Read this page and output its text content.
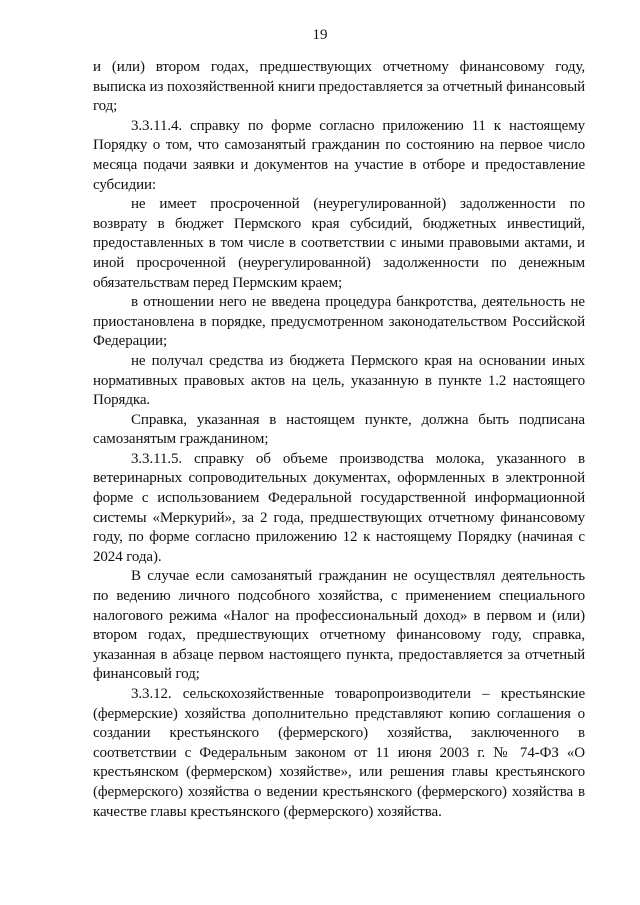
19

и (или) втором годах, предшествующих отчетному финансовому году, выписка из похозяйственной книги предоставляется за отчетный финансовый год;

3.3.11.4. справку по форме согласно приложению 11 к настоящему Порядку о том, что самозанятый гражданин по состоянию на первое число месяца подачи заявки и документов на участие в отборе и предоставление субсидии:

не имеет просроченной (неурегулированной) задолженности по возврату в бюджет Пермского края субсидий, бюджетных инвестиций, предоставленных в том числе в соответствии с иными правовыми актами, и иной просроченной (неурегулированной) задолженности по денежным обязательствам перед Пермским краем;

в отношении него не введена процедура банкротства, деятельность не приостановлена в порядке, предусмотренном законодательством Российской Федерации;

не получал средства из бюджета Пермского края на основании иных нормативных правовых актов на цель, указанную в пункте 1.2 настоящего Порядка.

Справка, указанная в настоящем пункте, должна быть подписана самозанятым гражданином;

3.3.11.5. справку об объеме производства молока, указанного в ветеринарных сопроводительных документах, оформленных в электронной форме с использованием Федеральной государственной информационной системы «Меркурий», за 2 года, предшествующих отчетному финансовому году, по форме согласно приложению 12 к настоящему Порядку (начиная с 2024 года).

В случае если самозанятый гражданин не осуществлял деятельность по ведению личного подсобного хозяйства, с применением специального налогового режима «Налог на профессиональный доход» в первом и (или) втором годах, предшествующих отчетному финансовому году, справка, указанная в абзаце первом настоящего пункта, предоставляется за отчетный финансовый год;

3.3.12. сельскохозяйственные товаропроизводители – крестьянские (фермерские) хозяйства дополнительно представляют копию соглашения о создании крестьянского (фермерского) хозяйства, заключенного в соответствии с Федеральным законом от 11 июня 2003 г. № 74-ФЗ «О крестьянском (фермерском) хозяйстве», или решения главы крестьянского (фермерского) хозяйства о ведении крестьянского (фермерского) хозяйства в качестве главы крестьянского (фермерского) хозяйства.
